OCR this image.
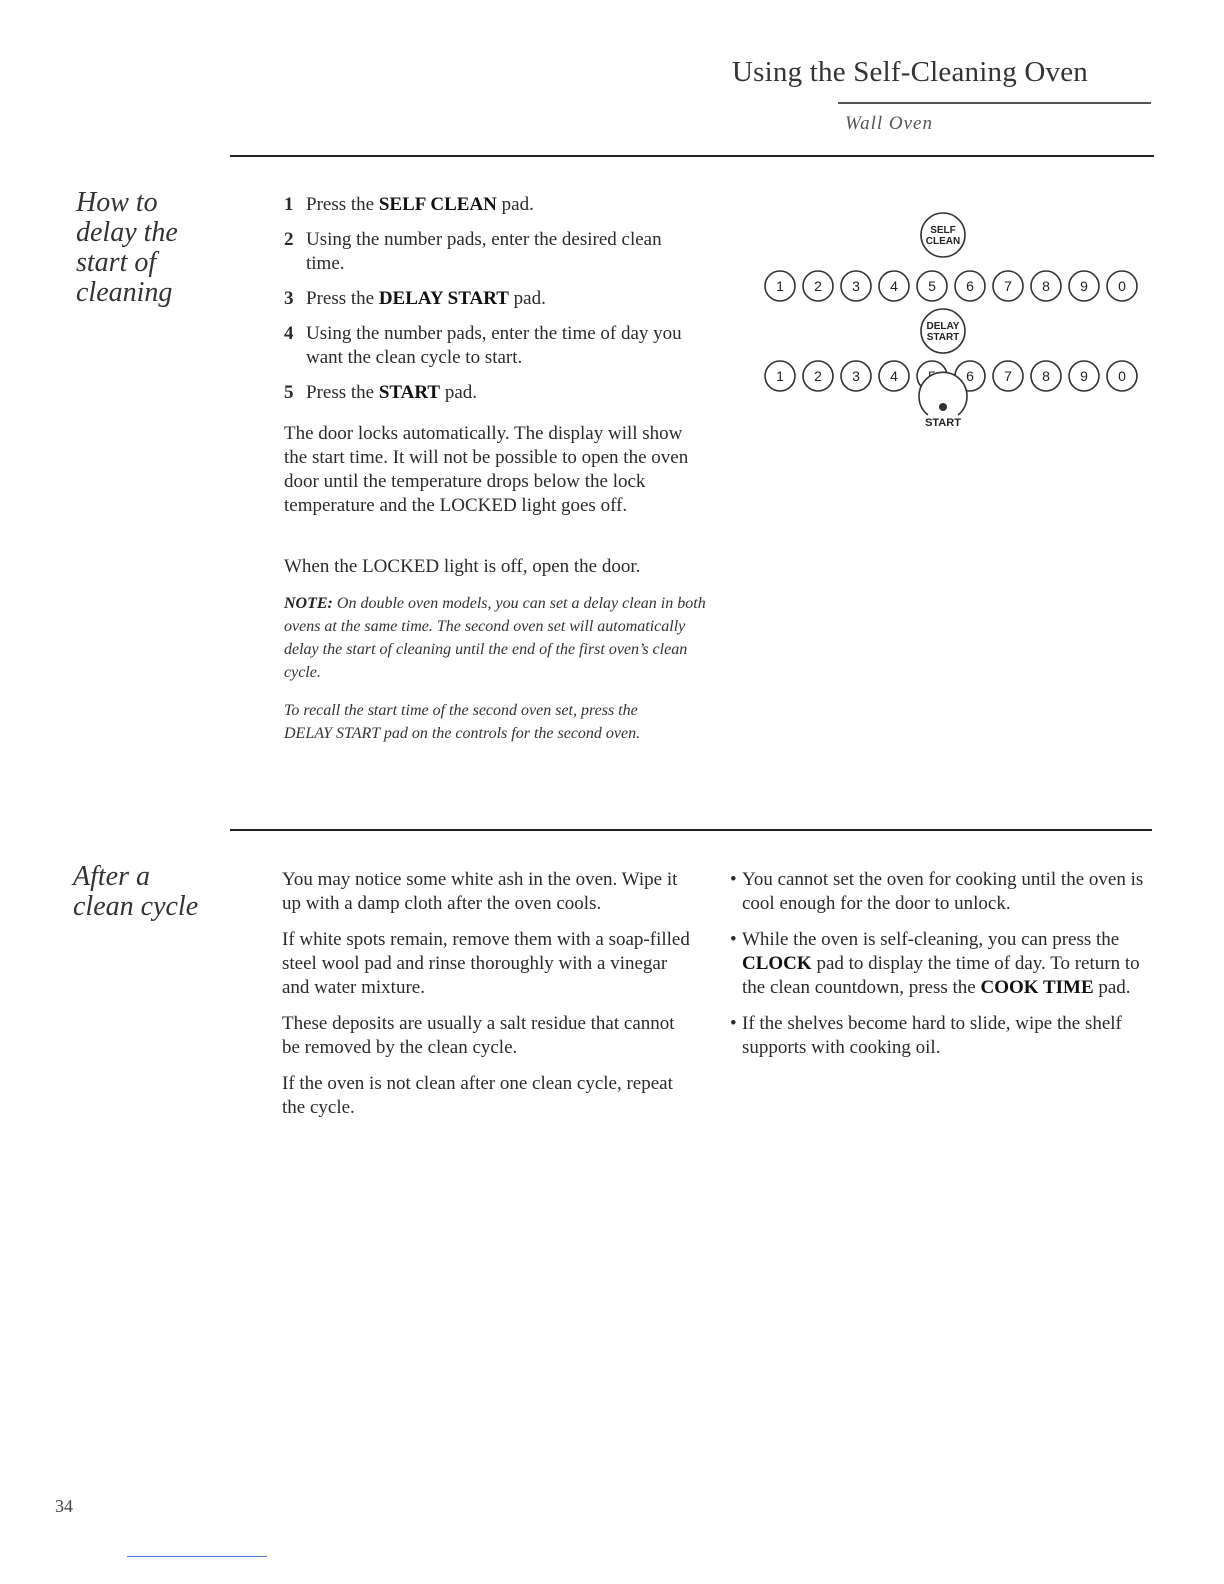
Using the Self-Cleaning Oven
Wall Oven
How to
delay the
start of
cleaning
1 Press the SELF CLEAN pad.
2 Using the number pads, enter the desired clean time.
3 Press the DELAY START pad.
4 Using the number pads, enter the time of day you want the clean cycle to start.
5 Press the START pad.

The door locks automatically. The display will show the start time. It will not be possible to open the oven door until the temperature drops below the lock temperature and the LOCKED light goes off.

When the LOCKED light is off, open the door.

NOTE: On double oven models, you can set a delay clean in both ovens at the same time. The second oven set will automatically delay the start of cleaning until the end of the first oven’s clean cycle.

To recall the start time of the second oven set, press the DELAY START pad on the controls for the second oven.

SELF
CLEAN
1 2 3 4 5 6 7 8 9 0
DELAY
START
1 2 3 4	6 7 8 9 0
START
After a
clean cycle

You may notice some white ash in the oven. Wipe it up with a damp cloth after the oven cools.

If white spots remain, remove them with a soap-filled steel wool pad and rinse thoroughly with a vinegar and water mixture.

These deposits are usually a salt residue that cannot be removed by the clean cycle.

If the oven is not clean after one clean cycle, repeat the cycle.

• You cannot set the oven for cooking until the oven is cool enough for the door to unlock.
• While the oven is self-cleaning, you can press the CLOCK pad to display the time of day. To return to the clean countdown, press the COOK TIME pad.
• If the shelves become hard to slide, wipe the shelf supports with cooking oil.
34
